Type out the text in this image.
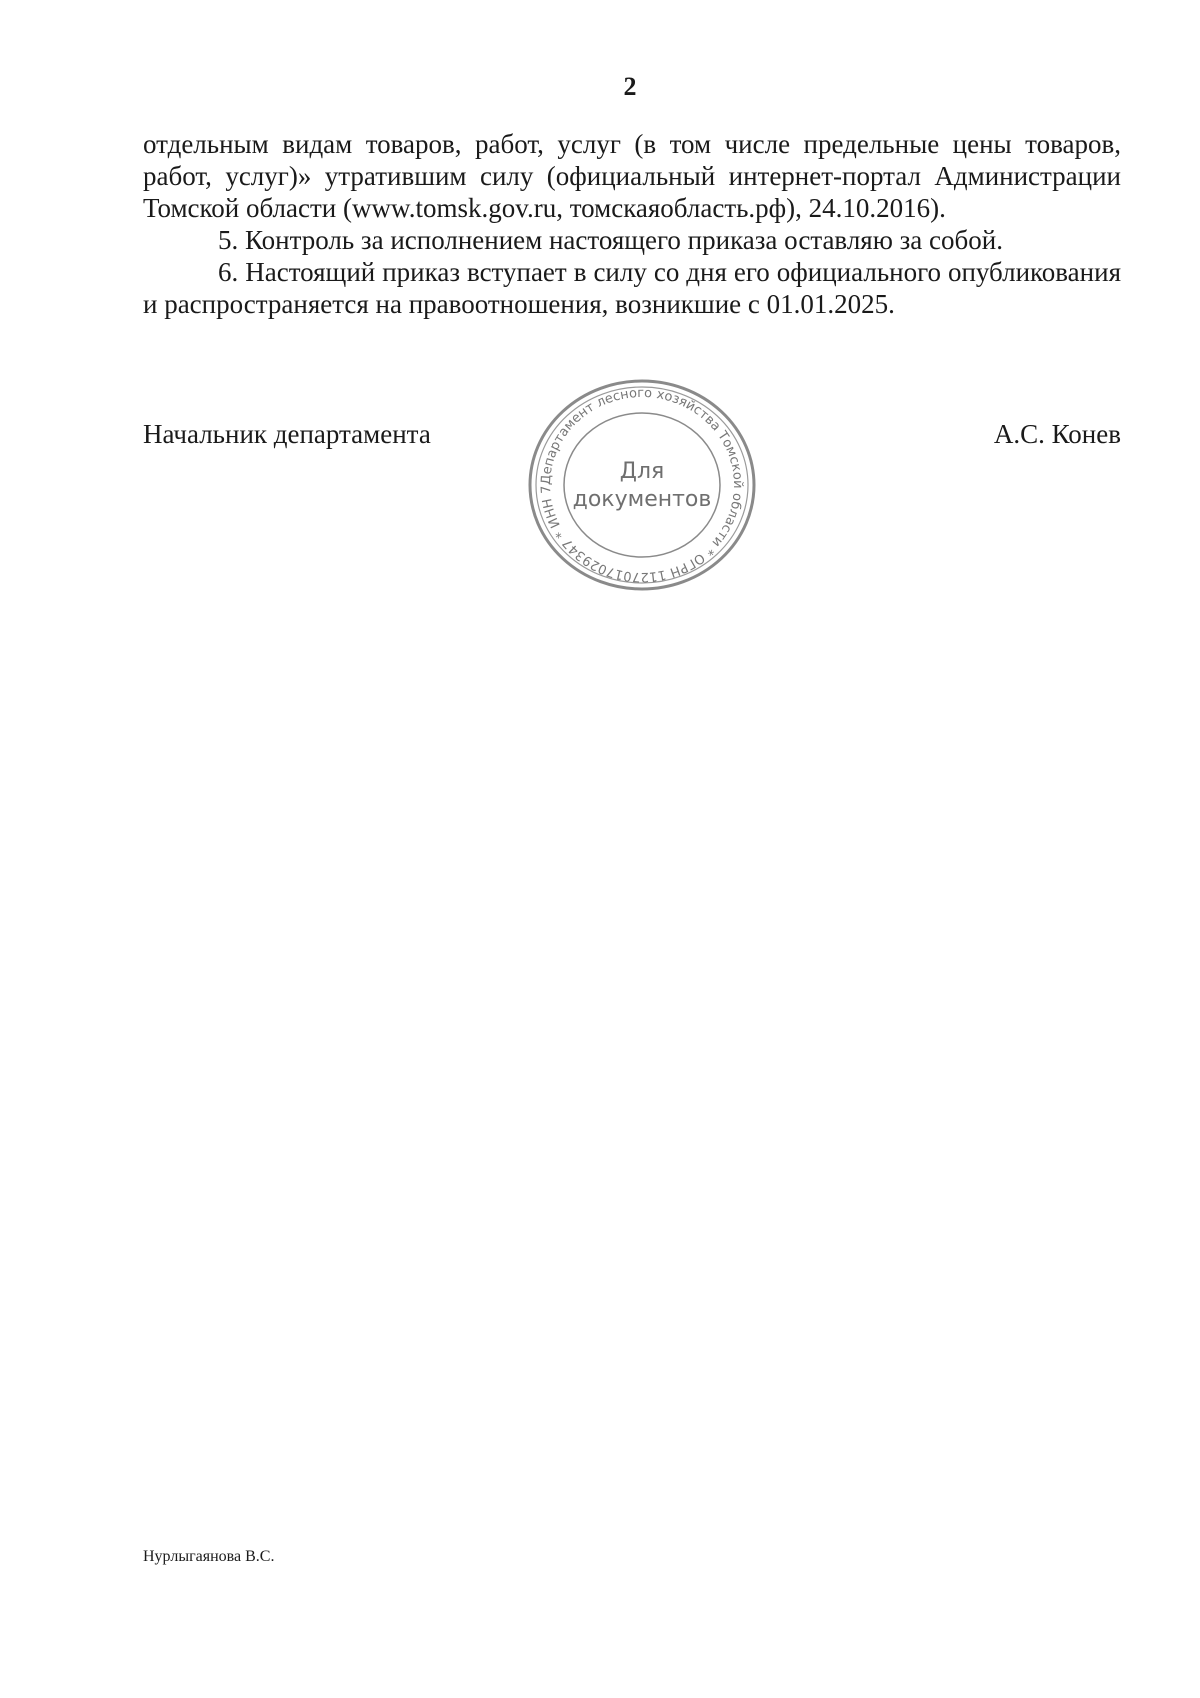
2

отдельным видам товаров, работ, услуг (в том числе предельные цены товаров, работ, услуг)» утратившим силу (официальный интернет-портал Администрации Томской области (www.tomsk.gov.ru, томскаяобласть.рф), 24.10.2016).

5. Контроль за исполнением настоящего приказа оставляю за собой.

6. Настоящий приказ вступает в силу со дня его официального опубликования и распространяется на правоотношения, возникшие с 01.01.2025.

Начальник департамента	А.С. Конев
Департамент лесного хозяйства Томской области * ОГРН 1127017029347 * ИНН 7
Для
документов
Нурлыгаянова В.С.
